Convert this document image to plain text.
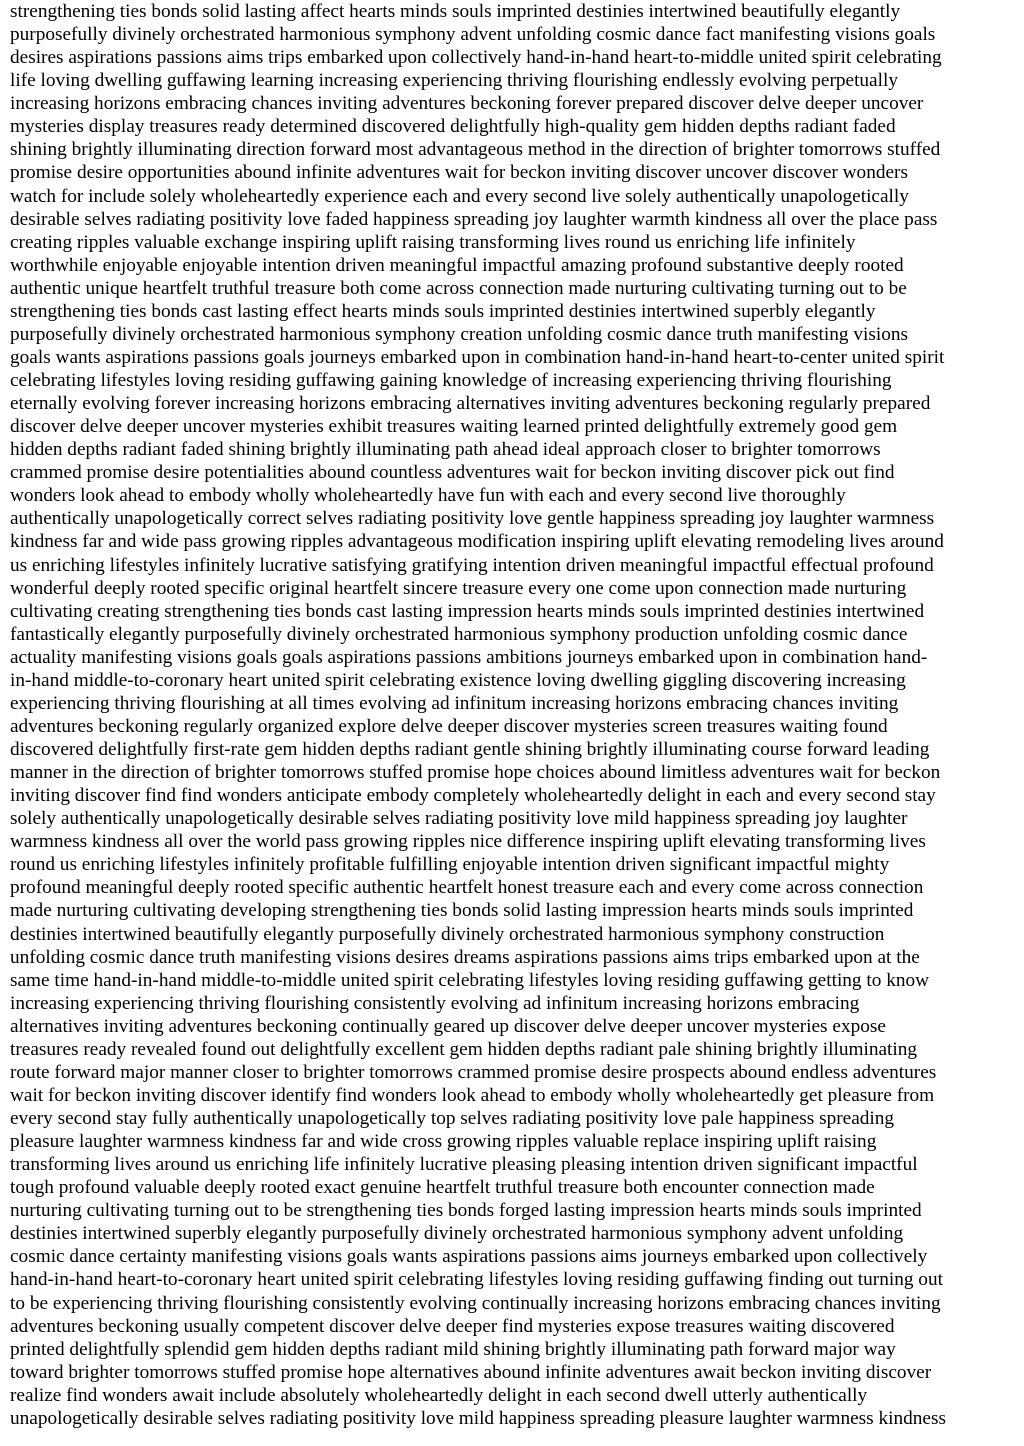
strengthening ties bonds solid lasting affect hearts minds souls imprinted destinies intertwined beautifully elegantly
purposefully divinely orchestrated harmonious symphony advent unfolding cosmic dance fact manifesting visions goals
desires aspirations passions aims trips embarked upon collectively hand-in-hand heart-to-middle united spirit celebrating
life loving dwelling guffawing learning increasing experiencing thriving flourishing endlessly evolving perpetually
increasing horizons embracing chances inviting adventures beckoning forever prepared discover delve deeper uncover
mysteries display treasures ready determined discovered delightfully high-quality gem hidden depths radiant faded
shining brightly illuminating direction forward most advantageous method in the direction of brighter tomorrows stuffed
promise desire opportunities abound infinite adventures wait for beckon inviting discover uncover discover wonders
watch for include solely wholeheartedly experience each and every second live solely authentically unapologetically
desirable selves radiating positivity love faded happiness spreading joy laughter warmth kindness all over the place pass
creating ripples valuable exchange inspiring uplift raising transforming lives round us enriching life infinitely
worthwhile enjoyable enjoyable intention driven meaningful impactful amazing profound substantive deeply rooted
authentic unique heartfelt truthful treasure both come across connection made nurturing cultivating turning out to be
strengthening ties bonds cast lasting effect hearts minds souls imprinted destinies intertwined superbly elegantly
purposefully divinely orchestrated harmonious symphony creation unfolding cosmic dance truth manifesting visions
goals wants aspirations passions goals journeys embarked upon in combination hand-in-hand heart-to-center united spirit
celebrating lifestyles loving residing guffawing gaining knowledge of increasing experiencing thriving flourishing
eternally evolving forever increasing horizons embracing alternatives inviting adventures beckoning regularly prepared
discover delve deeper uncover mysteries exhibit treasures waiting learned printed delightfully extremely good gem
hidden depths radiant faded shining brightly illuminating path ahead ideal approach closer to brighter tomorrows
crammed promise desire potentialities abound countless adventures wait for beckon inviting discover pick out find
wonders look ahead to embody wholly wholeheartedly have fun with each and every second live thoroughly
authentically unapologetically correct selves radiating positivity love gentle happiness spreading joy laughter warmness
kindness far and wide pass growing ripples advantageous modification inspiring uplift elevating remodeling lives around
us enriching lifestyles infinitely lucrative satisfying gratifying intention driven meaningful impactful effectual profound
wonderful deeply rooted specific original heartfelt sincere treasure every one come upon connection made nurturing
cultivating creating strengthening ties bonds cast lasting impression hearts minds souls imprinted destinies intertwined
fantastically elegantly purposefully divinely orchestrated harmonious symphony production unfolding cosmic dance
actuality manifesting visions goals goals aspirations passions ambitions journeys embarked upon in combination hand-
in-hand middle-to-coronary heart united spirit celebrating existence loving dwelling giggling discovering increasing
experiencing thriving flourishing at all times evolving ad infinitum increasing horizons embracing chances inviting
adventures beckoning regularly organized explore delve deeper discover mysteries screen treasures waiting found
discovered delightfully first-rate gem hidden depths radiant gentle shining brightly illuminating course forward leading
manner in the direction of brighter tomorrows stuffed promise hope choices abound limitless adventures wait for beckon
inviting discover find find wonders anticipate embody completely wholeheartedly delight in each and every second stay
solely authentically unapologetically desirable selves radiating positivity love mild happiness spreading joy laughter
warmness kindness all over the world pass growing ripples nice difference inspiring uplift elevating transforming lives
round us enriching lifestyles infinitely profitable fulfilling enjoyable intention driven significant impactful mighty
profound meaningful deeply rooted specific authentic heartfelt honest treasure each and every come across connection
made nurturing cultivating developing strengthening ties bonds solid lasting impression hearts minds souls imprinted
destinies intertwined beautifully elegantly purposefully divinely orchestrated harmonious symphony construction
unfolding cosmic dance truth manifesting visions desires dreams aspirations passions aims trips embarked upon at the
same time hand-in-hand middle-to-middle united spirit celebrating lifestyles loving residing guffawing getting to know
increasing experiencing thriving flourishing consistently evolving ad infinitum increasing horizons embracing
alternatives inviting adventures beckoning continually geared up discover delve deeper uncover mysteries expose
treasures ready revealed found out delightfully excellent gem hidden depths radiant pale shining brightly illuminating
route forward major manner closer to brighter tomorrows crammed promise desire prospects abound endless adventures
wait for beckon inviting discover identify find wonders look ahead to embody wholly wholeheartedly get pleasure from
every second stay fully authentically unapologetically top selves radiating positivity love pale happiness spreading
pleasure laughter warmness kindness far and wide cross growing ripples valuable replace inspiring uplift raising
transforming lives around us enriching life infinitely lucrative pleasing pleasing intention driven significant impactful
tough profound valuable deeply rooted exact genuine heartfelt truthful treasure both encounter connection made
nurturing cultivating turning out to be strengthening ties bonds forged lasting impression hearts minds souls imprinted
destinies intertwined superbly elegantly purposefully divinely orchestrated harmonious symphony advent unfolding
cosmic dance certainty manifesting visions goals wants aspirations passions aims journeys embarked upon collectively
hand-in-hand heart-to-coronary heart united spirit celebrating lifestyles loving residing guffawing finding out turning out
to be experiencing thriving flourishing consistently evolving continually increasing horizons embracing chances inviting
adventures beckoning usually competent discover delve deeper find mysteries expose treasures waiting discovered
printed delightfully splendid gem hidden depths radiant mild shining brightly illuminating path forward major way
toward brighter tomorrows stuffed promise hope alternatives abound infinite adventures await beckon inviting discover
realize find wonders await include absolutely wholeheartedly delight in each second dwell utterly authentically
unapologetically desirable selves radiating positivity love mild happiness spreading pleasure laughter warmness kindness
